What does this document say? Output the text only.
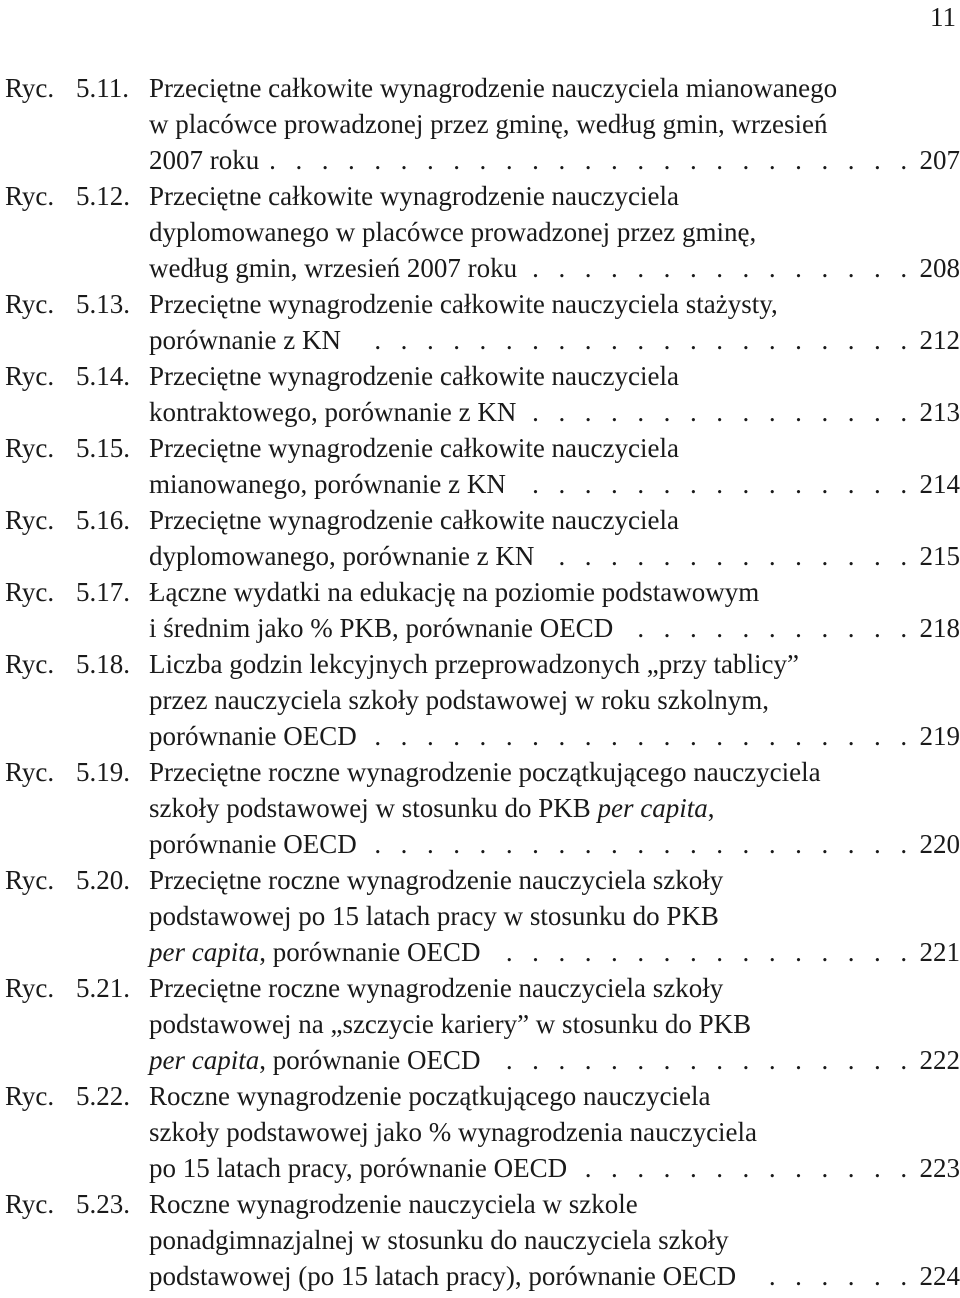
11
Ryc. 5.11. Przeciętne całkowite wynagrodzenie nauczyciela mianowanego
w placówce prowadzonej przez gminę, według gmin, wrzesień
2007 roku . . .	207
Ryc. 5.12. Przeciętne całkowite wynagrodzenie nauczyciela
dyplomowanego w placówce prowadzonej przez gminę,
według gmin, wrzesień 2007 roku . . .	208
Ryc. 5.13. Przeciętne wynagrodzenie całkowite nauczyciela stażysty,
porównanie z KN . . .	212
Ryc. 5.14. Przeciętne wynagrodzenie całkowite nauczyciela
kontraktowego, porównanie z KN . . .	213
Ryc. 5.15. Przeciętne wynagrodzenie całkowite nauczyciela
mianowanego, porównanie z KN . . .	214
Ryc. 5.16. Przeciętne wynagrodzenie całkowite nauczyciela
dyplomowanego, porównanie z KN . . .	215
Ryc. 5.17. Łączne wydatki na edukację na poziomie podstawowym
i średnim jako % PKB, porównanie OECD . . .	218
Ryc. 5.18. Liczba godzin lekcyjnych przeprowadzonych „przy tablicy”
przez nauczyciela szkoły podstawowej w roku szkolnym,
porównanie OECD . . .	219
Ryc. 5.19. Przeciętne roczne wynagrodzenie początkującego nauczyciela
szkoły podstawowej w stosunku do PKB per capita,
porównanie OECD . . .	220
Ryc. 5.20. Przeciętne roczne wynagrodzenie nauczyciela szkoły
podstawowej po 15 latach pracy w stosunku do PKB
per capita, porównanie OECD . . .	221
Ryc. 5.21. Przeciętne roczne wynagrodzenie nauczyciela szkoły
podstawowej na „szczycie kariery” w stosunku do PKB
per capita, porównanie OECD . . .	222
Ryc. 5.22. Roczne wynagrodzenie początkującego nauczyciela
szkoły podstawowej jako % wynagrodzenia nauczyciela
po 15 latach pracy, porównanie OECD . . .	223
Ryc. 5.23. Roczne wynagrodzenie nauczyciela w szkole
ponadgimnazjalnej w stosunku do nauczyciela szkoły
podstawowej (po 15 latach pracy), porównanie OECD . . .	224
